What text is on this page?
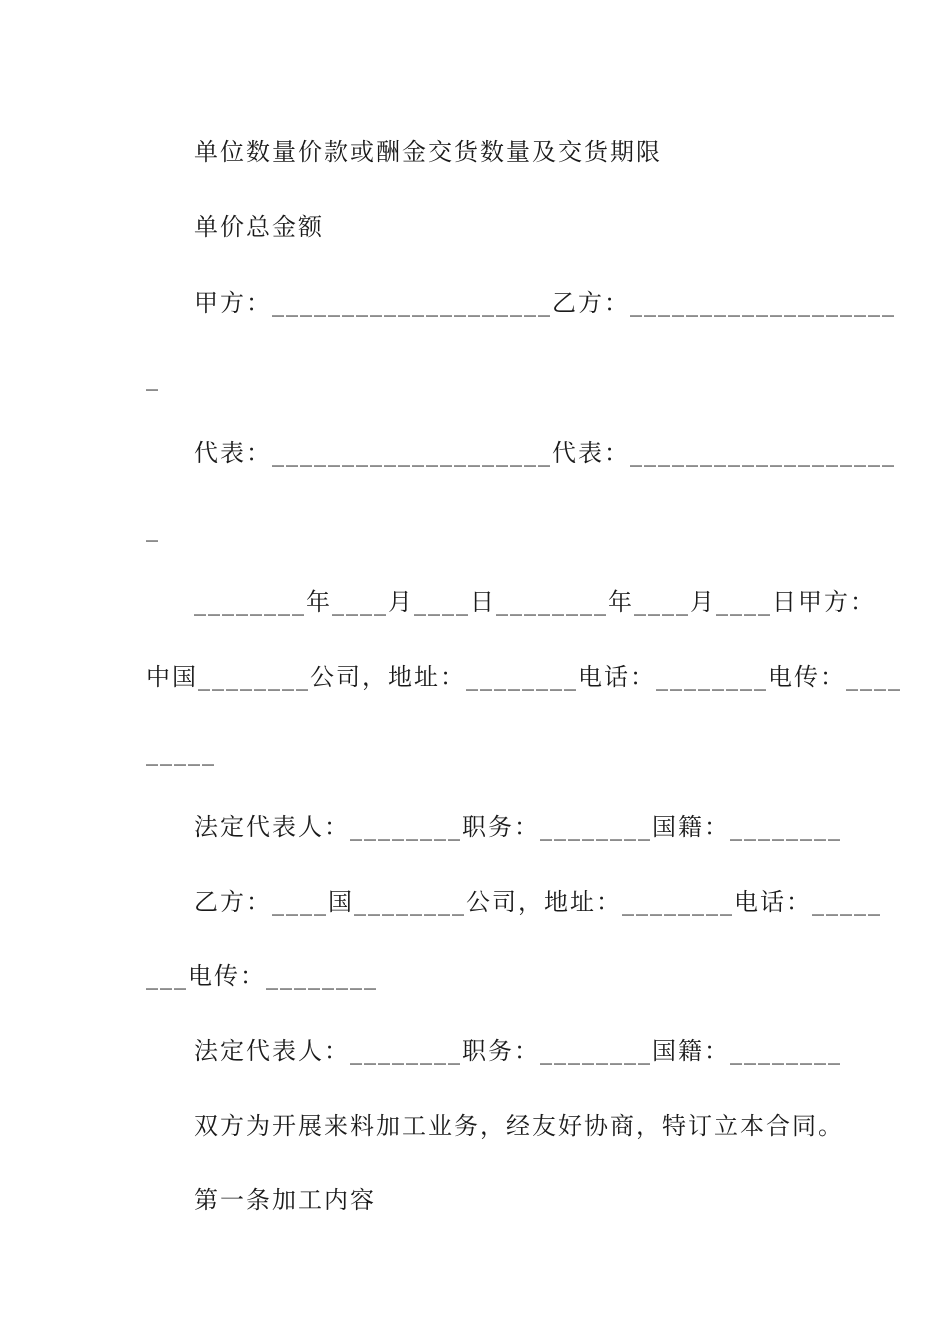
单位数量价款或酬金交货数量及交货期限
单价总金额
甲方：____________________乙方：___________________
_
代表：____________________代表：___________________
_
________年____月____日________年____月____日甲方：
中国________公司，地址：________电话：________电传：____
_____
法定代表人：________职务：________国籍：________
乙方：____国________公司，地址：________电话：_____
___电传：________
法定代表人：________职务：________国籍：________
双方为开展来料加工业务，经友好协商，特订立本合同。
第一条加工内容
